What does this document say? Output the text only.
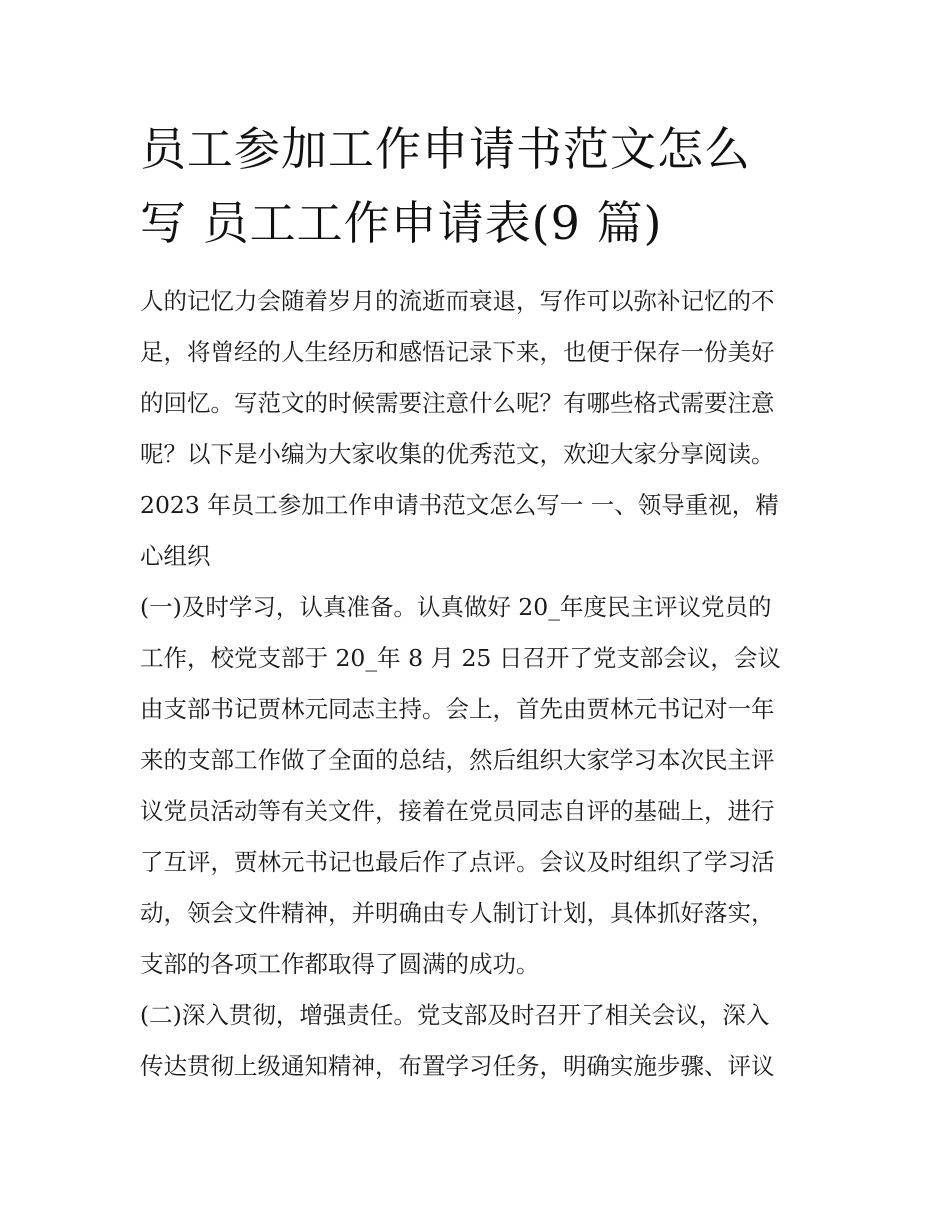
员工参加工作申请书范文怎么
写 员工工作申请表(9 篇)
人的记忆力会随着岁月的流逝而衰退，写作可以弥补记忆的不
足，将曾经的人生经历和感悟记录下来，也便于保存一份美好
的回忆。写范文的时候需要注意什么呢？有哪些格式需要注意
呢？以下是小编为大家收集的优秀范文，欢迎大家分享阅读。
2023 年员工参加工作申请书范文怎么写一 一、领导重视，精
心组织
(一)及时学习，认真准备。认真做好 20_年度民主评议党员的
工作，校党支部于 20_年 8 月 25 日召开了党支部会议，会议
由支部书记贾林元同志主持。会上，首先由贾林元书记对一年
来的支部工作做了全面的总结，然后组织大家学习本次民主评
议党员活动等有关文件，接着在党员同志自评的基础上，进行
了互评，贾林元书记也最后作了点评。会议及时组织了学习活
动，领会文件精神，并明确由专人制订计划，具体抓好落实，
支部的各项工作都取得了圆满的成功。
(二)深入贯彻，增强责任。党支部及时召开了相关会议，深入
传达贯彻上级通知精神，布置学习任务，明确实施步骤、评议
